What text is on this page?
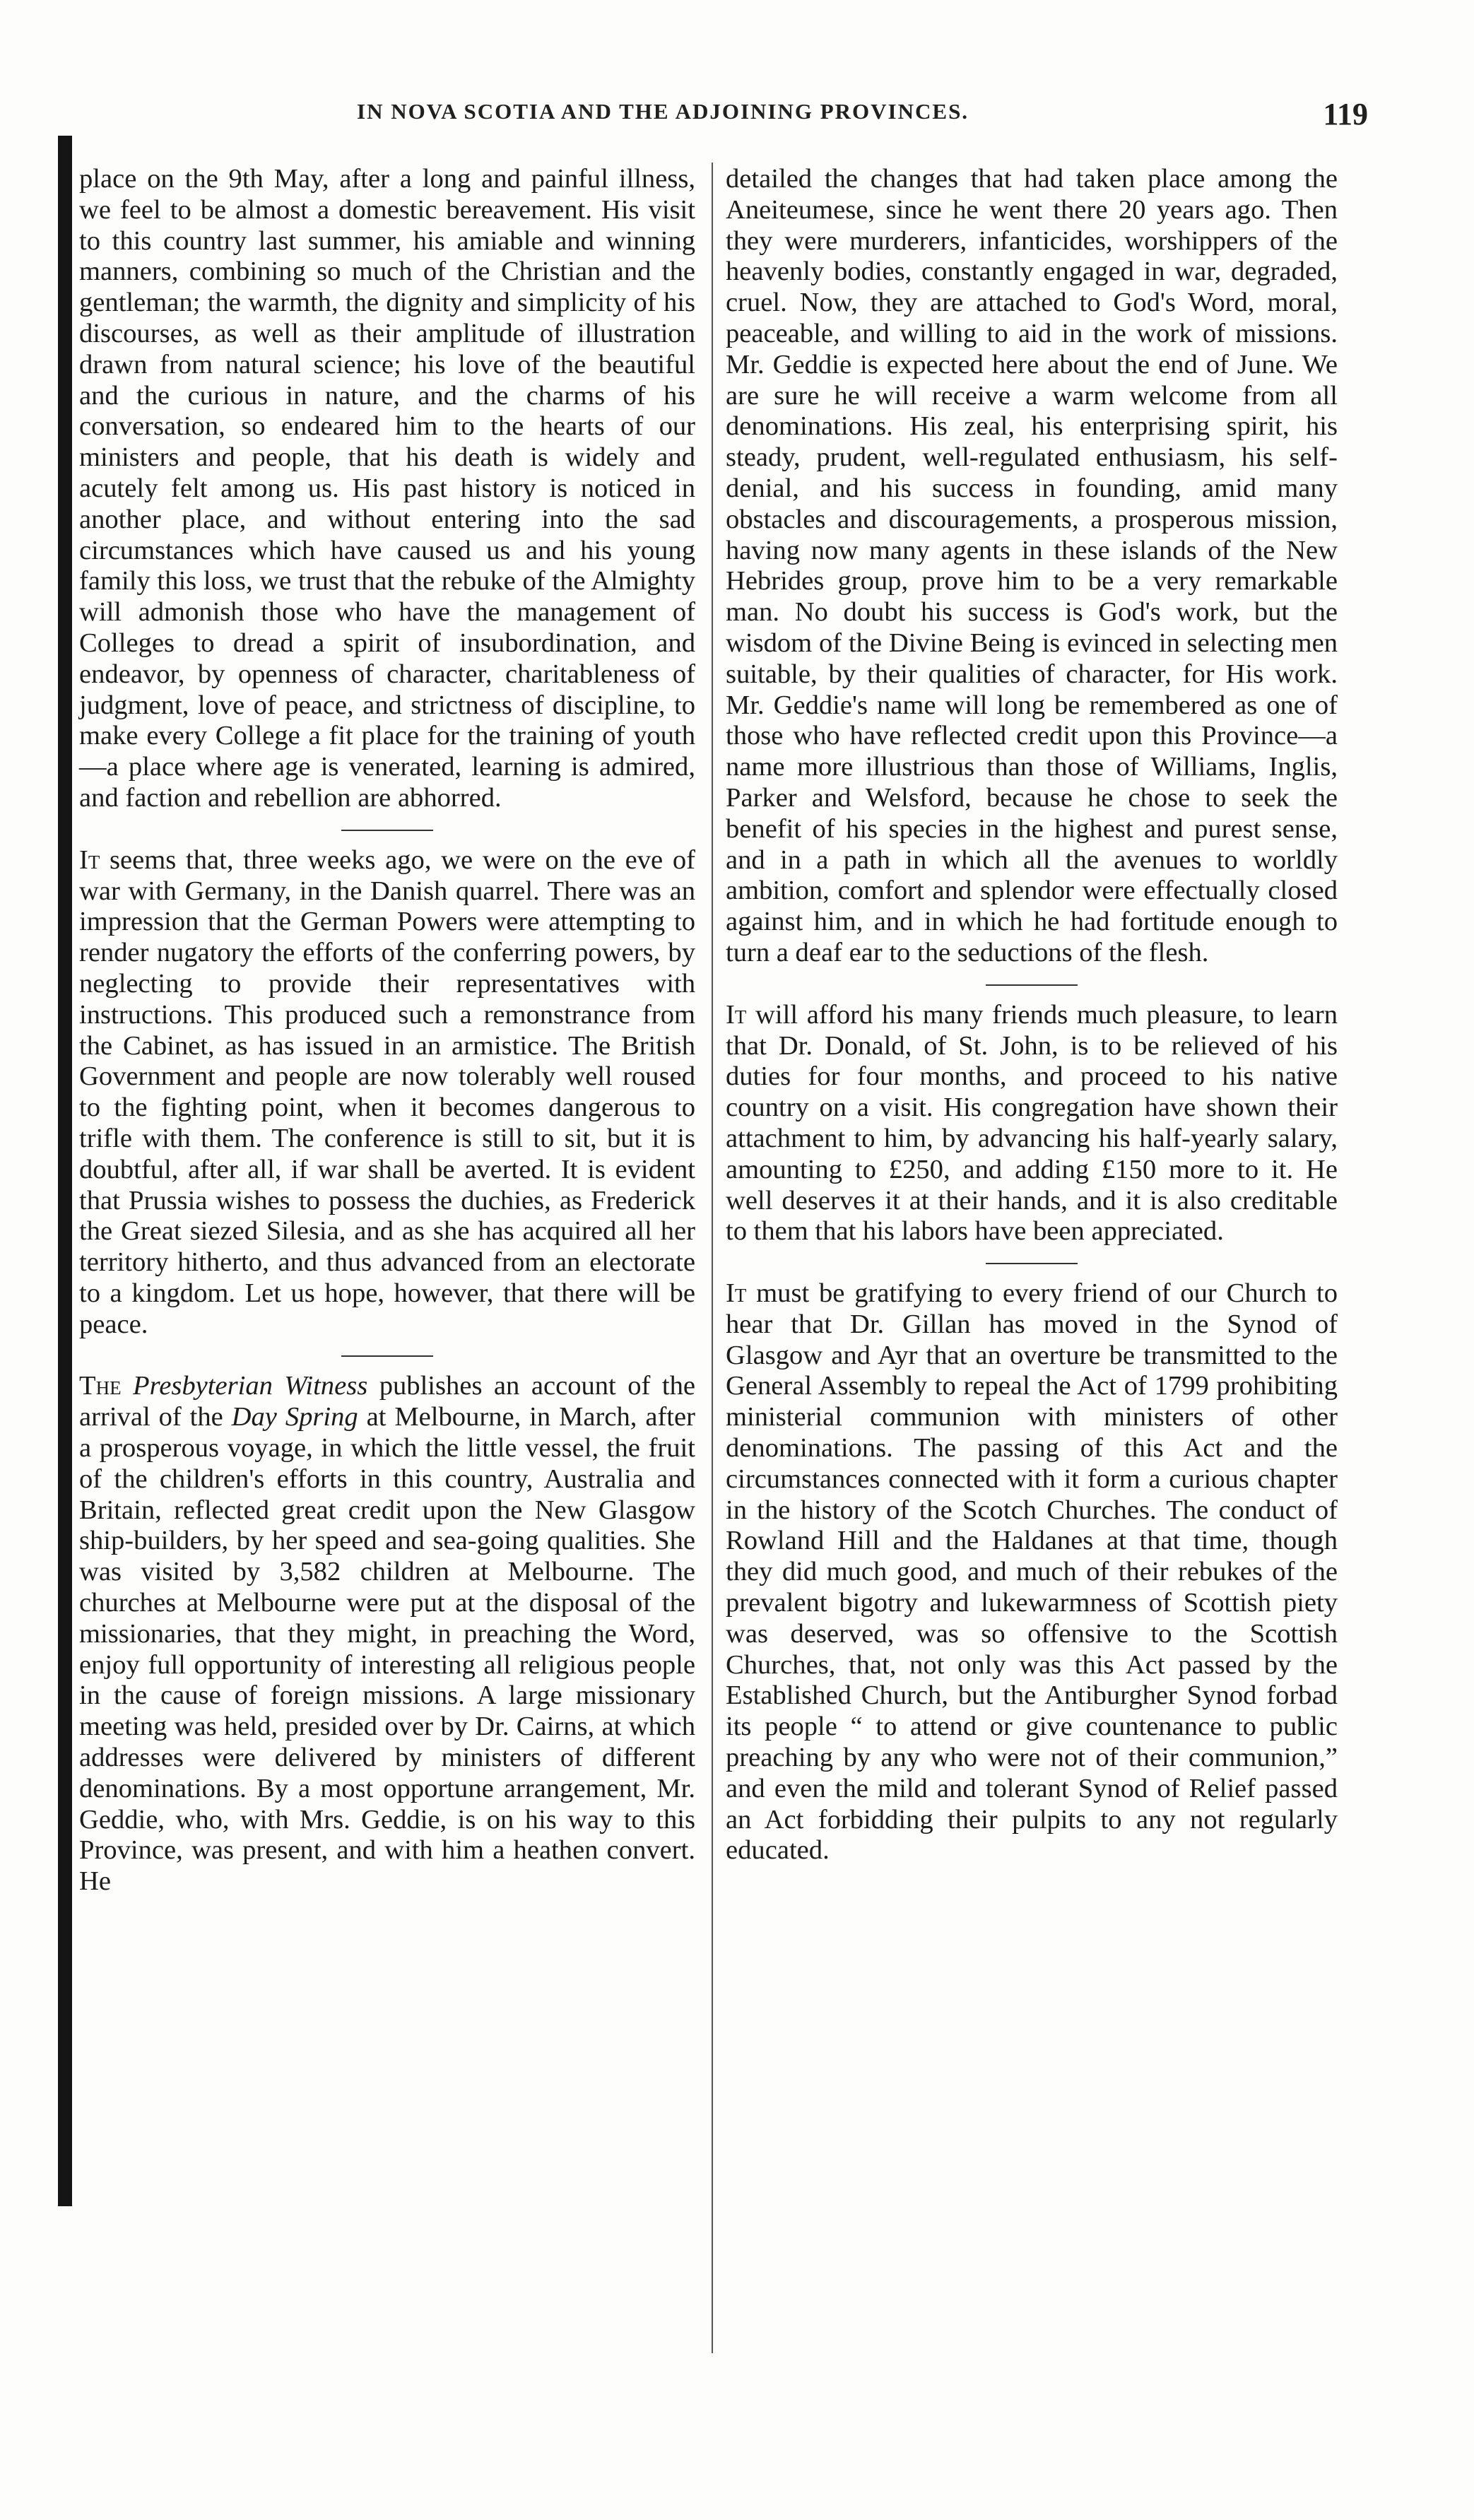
IN NOVA SCOTIA AND THE ADJOINING PROVINCES.	119

place on the 9th May, after a long and painful illness, we feel to be almost a domestic bereavement. His visit to this country last summer, his amiable and winning manners, combining so much of the Christian and the gentleman; the warmth, the dignity and simplicity of his discourses, as well as their amplitude of illustration drawn from natural science; his love of the beautiful and the curious in nature, and the charms of his conversation, so endeared him to the hearts of our ministers and people, that his death is widely and acutely felt among us. His past history is noticed in another place, and without entering into the sad circumstances which have caused us and his young family this loss, we trust that the rebuke of the Almighty will admonish those who have the management of Colleges to dread a spirit of insubordination, and endeavor, by openness of character, charitableness of judgment, love of peace, and strictness of discipline, to make every College a fit place for the training of youth—a place where age is venerated, learning is admired, and faction and rebellion are abhorred.

It seems that, three weeks ago, we were on the eve of war with Germany, in the Danish quarrel. There was an impression that the German Powers were attempting to render nugatory the efforts of the conferring powers, by neglecting to provide their representatives with instructions. This produced such a remonstrance from the Cabinet, as has issued in an armistice. The British Government and people are now tolerably well roused to the fighting point, when it becomes dangerous to trifle with them. The conference is still to sit, but it is doubtful, after all, if war shall be averted. It is evident that Prussia wishes to possess the duchies, as Frederick the Great siezed Silesia, and as she has acquired all her territory hitherto, and thus advanced from an electorate to a kingdom. Let us hope, however, that there will be peace.

The Presbyterian Witness publishes an account of the arrival of the Day Spring at Melbourne, in March, after a prosperous voyage, in which the little vessel, the fruit of the children's efforts in this country, Australia and Britain, reflected great credit upon the New Glasgow ship-builders, by her speed and sea-going qualities. She was visited by 3,582 children at Melbourne. The churches at Melbourne were put at the disposal of the missionaries, that they might, in preaching the Word, enjoy full opportunity of interesting all religious people in the cause of foreign missions. A large missionary meeting was held, presided over by Dr. Cairns, at which addresses were delivered by ministers of different denominations. By a most opportune arrangement, Mr. Geddie, who, with Mrs. Geddie, is on his way to this Province, was present, and with him a heathen convert. He

detailed the changes that had taken place among the Aneiteumese, since he went there 20 years ago. Then they were murderers, infanticides, worshippers of the heavenly bodies, constantly engaged in war, degraded, cruel. Now, they are attached to God's Word, moral, peaceable, and willing to aid in the work of missions. Mr. Geddie is expected here about the end of June. We are sure he will receive a warm welcome from all denominations. His zeal, his enterprising spirit, his steady, prudent, well-regulated enthusiasm, his self-denial, and his success in founding, amid many obstacles and discouragements, a prosperous mission, having now many agents in these islands of the New Hebrides group, prove him to be a very remarkable man. No doubt his success is God's work, but the wisdom of the Divine Being is evinced in selecting men suitable, by their qualities of character, for His work. Mr. Geddie's name will long be remembered as one of those who have reflected credit upon this Province—a name more illustrious than those of Williams, Inglis, Parker and Welsford, because he chose to seek the benefit of his species in the highest and purest sense, and in a path in which all the avenues to worldly ambition, comfort and splendor were effectually closed against him, and in which he had fortitude enough to turn a deaf ear to the seductions of the flesh.

It will afford his many friends much pleasure, to learn that Dr. Donald, of St. John, is to be relieved of his duties for four months, and proceed to his native country on a visit. His congregation have shown their attachment to him, by advancing his half-yearly salary, amounting to £250, and adding £150 more to it. He well deserves it at their hands, and it is also creditable to them that his labors have been appreciated.

It must be gratifying to every friend of our Church to hear that Dr. Gillan has moved in the Synod of Glasgow and Ayr that an overture be transmitted to the General Assembly to repeal the Act of 1799 prohibiting ministerial communion with ministers of other denominations. The passing of this Act and the circumstances connected with it form a curious chapter in the history of the Scotch Churches. The conduct of Rowland Hill and the Haldanes at that time, though they did much good, and much of their rebukes of the prevalent bigotry and lukewarmness of Scottish piety was deserved, was so offensive to the Scottish Churches, that, not only was this Act passed by the Established Church, but the Antiburgher Synod forbad its people “ to attend or give countenance to public preaching by any who were not of their communion,” and even the mild and tolerant Synod of Relief passed an Act forbidding their pulpits to any not regularly educated.
